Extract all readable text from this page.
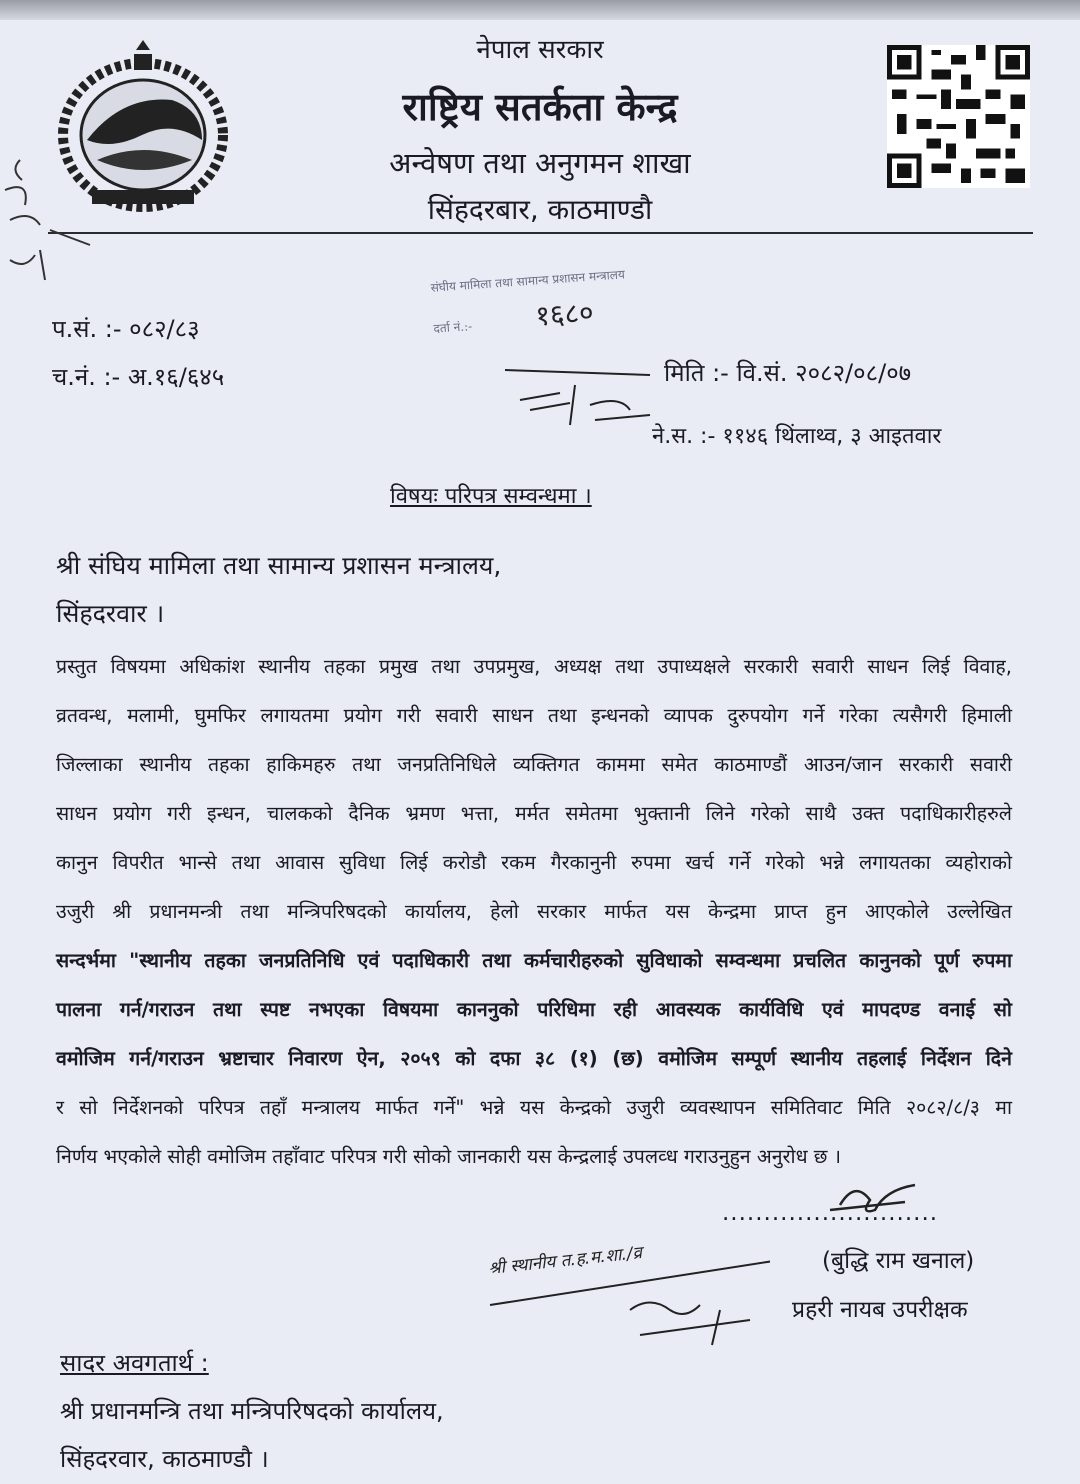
नेपाल सरकार
राष्ट्रिय सतर्कता केन्द्र
अन्वेषण तथा अनुगमन शाखा
सिंहदरबार, काठमाण्डौ
प.सं. :- ०८२/८३
च.नं. :- अ.१६/६४५
संघीय मामिला तथा सामान्य प्रशासन मन्त्रालय
दर्ता नं.:- १६८०
मिति :- वि.सं. २०८२/०८/०७
ने.स. :- ११४६ थिंलाथ्व, ३ आइतवार
विषयः परिपत्र सम्वन्धमा ।
श्री संघिय मामिला तथा सामान्य प्रशासन मन्त्रालय,
सिंहदरवार ।
प्रस्तुत विषयमा अधिकांश स्थानीय तहका प्रमुख तथा उपप्रमुख, अध्यक्ष तथा उपाध्यक्षले सरकारी सवारी साधन लिई विवाह,
व्रतवन्ध, मलामी, घुमफिर लगायतमा प्रयोग गरी सवारी साधन तथा इन्धनको व्यापक दुरुपयोग गर्ने गरेका त्यसैगरी हिमाली
जिल्लाका स्थानीय तहका हाकिमहरु तथा जनप्रतिनिधिले व्यक्तिगत काममा समेत काठमाण्डौं आउन/जान सरकारी सवारी
साधन प्रयोग गरी इन्धन, चालकको दैनिक भ्रमण भत्ता, मर्मत समेतमा भुक्तानी लिने गरेको साथै उक्त पदाधिकारीहरुले
कानुन विपरीत भान्से तथा आवास सुविधा लिई करोडौ रकम गैरकानुनी रुपमा खर्च गर्ने गरेको भन्ने लगायतका व्यहोराको
उजुरी श्री प्रधानमन्त्री तथा मन्त्रिपरिषदको कार्यालय, हेलो सरकार मार्फत यस केन्द्रमा प्राप्त हुन आएकोले उल्लेखित
सन्दर्भमा "स्थानीय तहका जनप्रतिनिधि एवं पदाधिकारी तथा कर्मचारीहरुको सुविधाको सम्वन्धमा प्रचलित कानुनको पूर्ण रुपमा
पालना गर्न/गराउन तथा स्पष्ट नभएका विषयमा काननुको परिधिमा रही आवस्यक कार्यविधि एवं मापदण्ड वनाई सो
वमोजिम गर्न/गराउन भ्रष्टाचार निवारण ऐन, २०५९ को दफा ३८ (१) (छ) वमोजिम सम्पूर्ण स्थानीय तहलाई निर्देशन दिने
र सो निर्देशनको परिपत्र तहाँ मन्त्रालय मार्फत गर्ने" भन्ने यस केन्द्रको उजुरी व्यवस्थापन समितिवाट मिति २०८२/८/३ मा
निर्णय भएकोले सोही वमोजिम तहाँवाट परिपत्र गरी सोको जानकारी यस केन्द्रलाई उपलव्ध गराउनुहुन अनुरोध छ ।
..........................
(बुद्धि राम खनाल)
प्रहरी नायब उपरीक्षक
श्री स्थानीय त.ह.म.शा./व्र
सादर अवगतार्थ :
श्री प्रधानमन्त्रि तथा मन्त्रिपरिषदको कार्यालय,
सिंहदरवार, काठमाण्डौ ।
